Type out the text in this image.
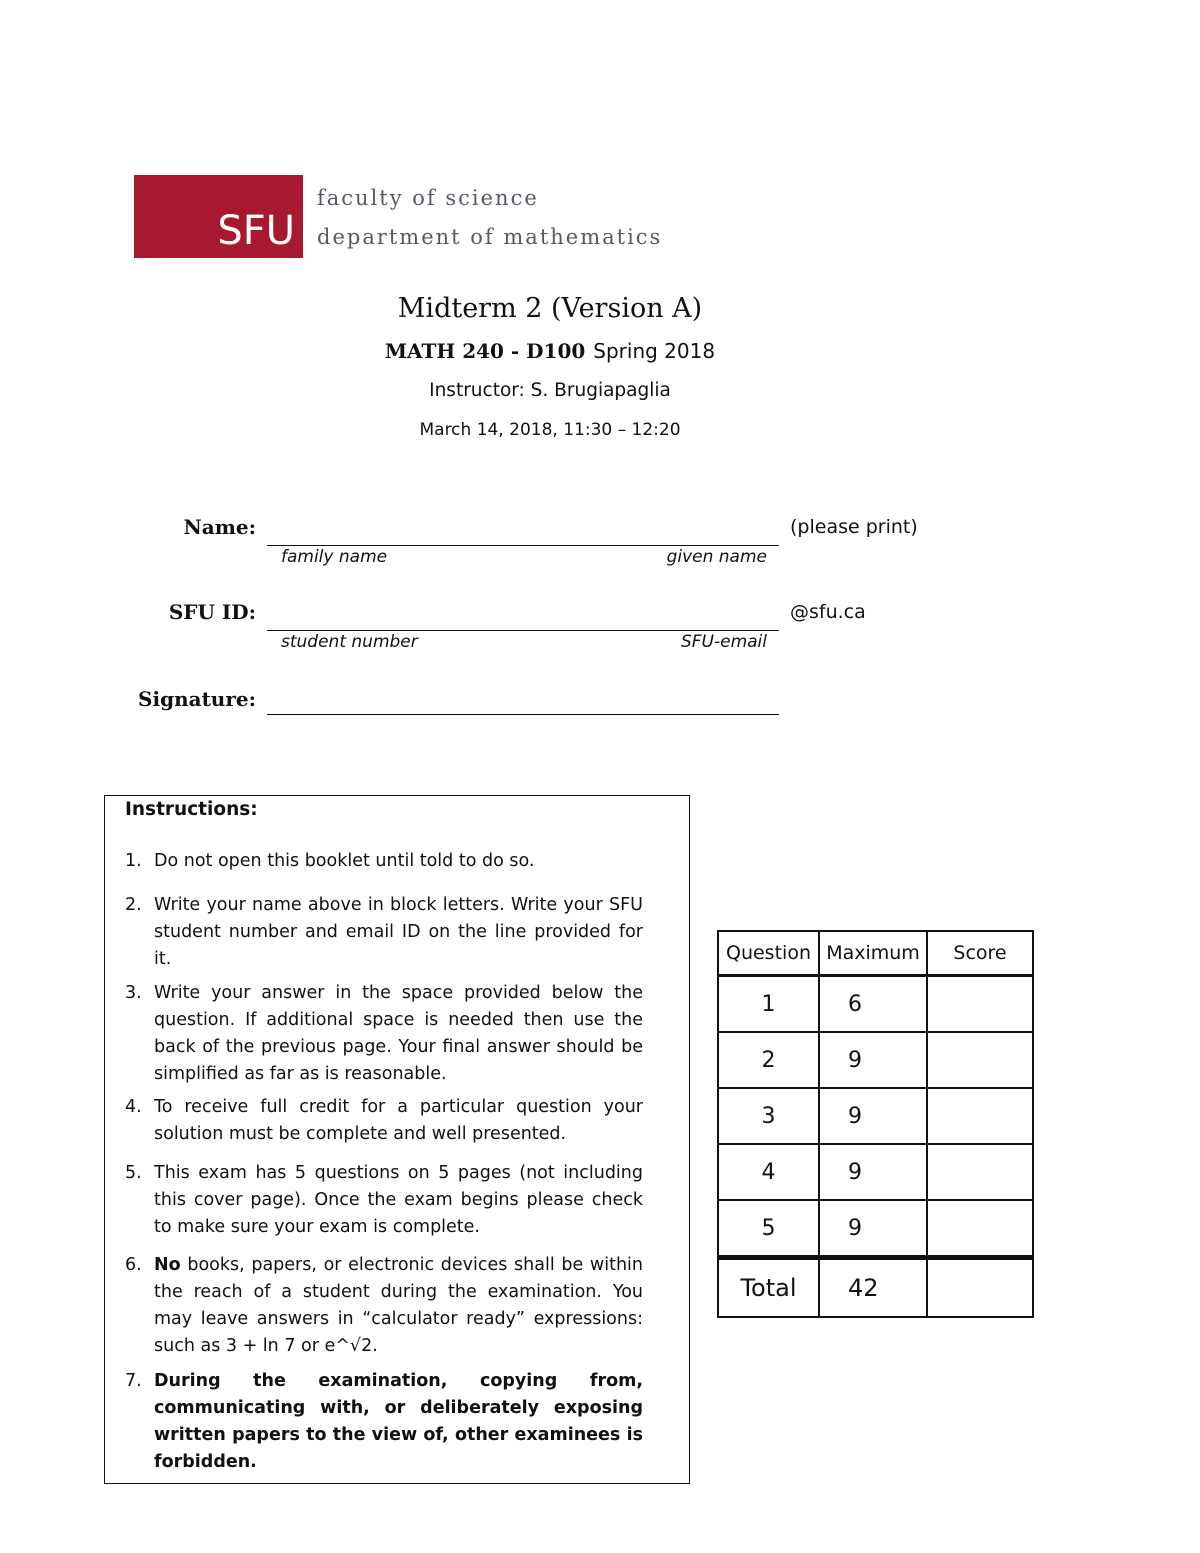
SFU
faculty of science
department of mathematics
Midterm 2 (Version A)
MATH 240 - D100 Spring 2018
Instructor: S. Brugiapaglia
March 14, 2018, 11:30 – 12:20
Name:	(please print)
family name	given name
SFU ID:	@sfu.ca
student number	SFU-email
Signature:
Instructions:
1. Do not open this booklet until told to do so.
2. Write your name above in block letters. Write your SFU student number and email ID on the line provided for it.
3. Write your answer in the space provided below the question. If additional space is needed then use the back of the previous page. Your final answer should be simplified as far as is reasonable.
4. To receive full credit for a particular question your solution must be complete and well presented.
5. This exam has 5 questions on 5 pages (not including this cover page). Once the exam begins please check to make sure your exam is complete.
6. No books, papers, or electronic devices shall be within the reach of a student during the examination. You may leave answers in “calculator ready” expressions: such as 3 + ln 7 or e^√2.
7. During the examination, copying from, communicating with, or deliberately exposing written papers to the view of, other examinees is forbidden.
Question	Maximum	Score
1	6	
2	9	
3	9	
4	9	
5	9	
Total	42	
